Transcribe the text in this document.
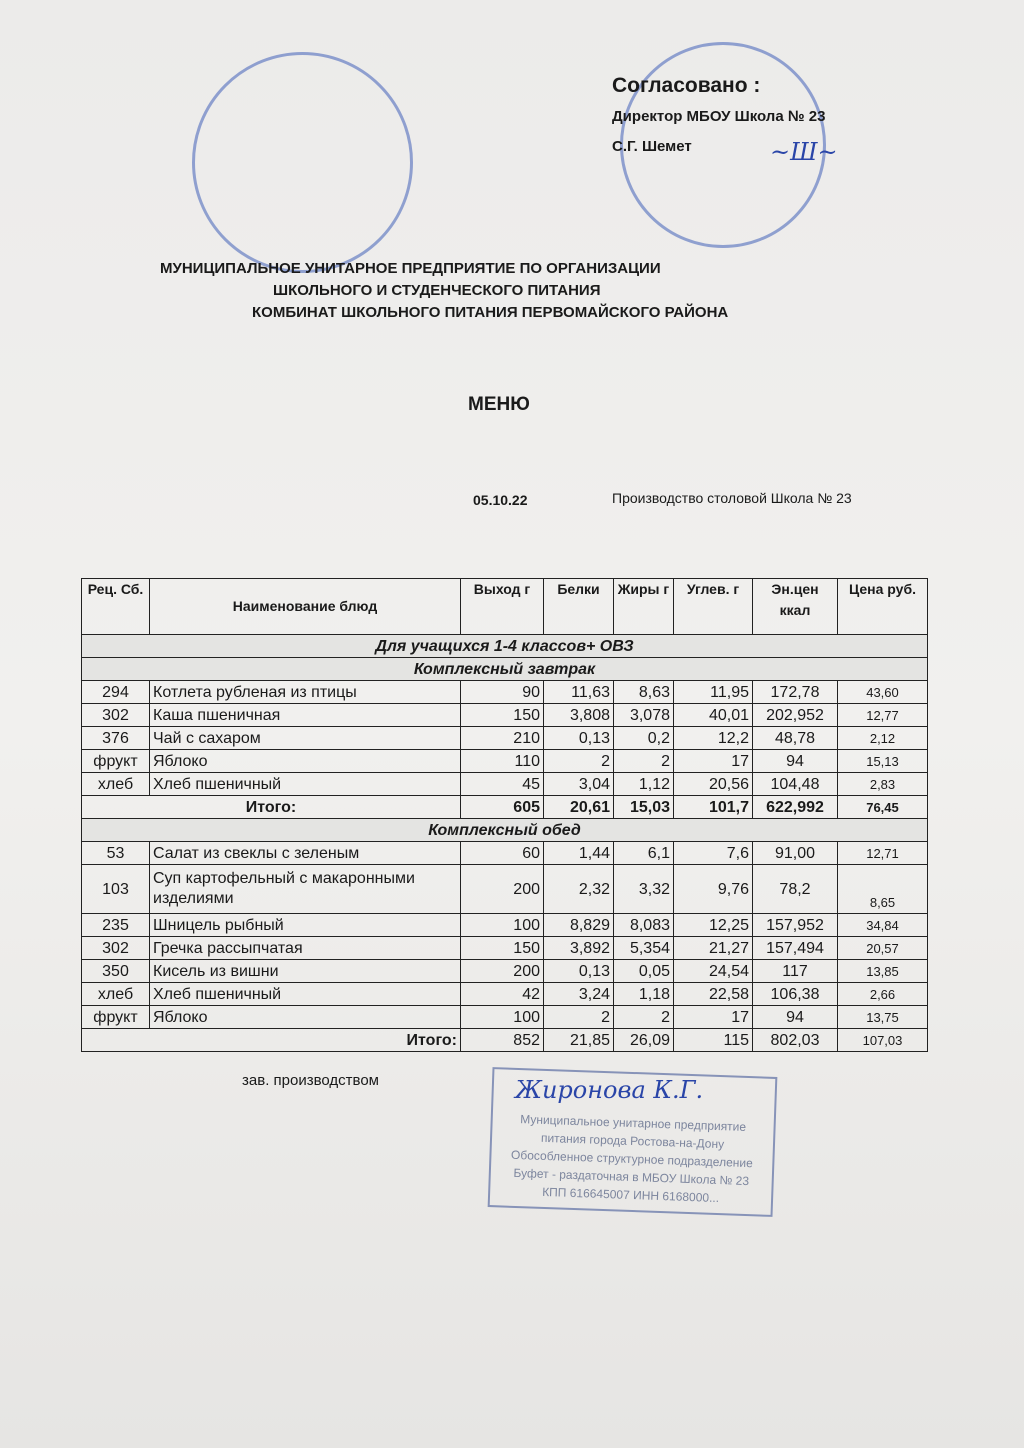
Согласовано :
Директор МБОУ Школа № 23
С.Г. Шемет	~Ш~
МУНИЦИПАЛЬНОЕ УНИТАРНОЕ ПРЕДПРИЯТИЕ ПО ОРГАНИЗАЦИИ
ШКОЛЬНОГО И СТУДЕНЧЕСКОГО ПИТАНИЯ
КОМБИНАТ ШКОЛЬНОГО ПИТАНИЯ ПЕРВОМАЙСКОГО РАЙОНА
МЕНЮ
05.10.22	Производство столовой Школа № 23
Рец. Сб.	Наименование блюд	Выход г	Белки	Жиры г	Углев. г	Эн.цен ккал	Цена руб.
Для учащихся 1-4 классов+ ОВЗ							
Комплексный завтрак							
294	Котлета рубленая из птицы	90	11,63	8,63	11,95	172,78	43,60
302	Каша пшеничная	150	3,808	3,078	40,01	202,952	12,77
376	Чай с сахаром	210	0,13	0,2	12,2	48,78	2,12
фрукт	Яблоко	110	2	2	17	94	15,13
хлеб	Хлеб пшеничный	45	3,04	1,12	20,56	104,48	2,83
Итого:		605	20,61	15,03	101,7	622,992	76,45
Комплексный обед							
53	Салат из свеклы с зеленым	60	1,44	6,1	7,6	91,00	12,71
103	Суп картофельный с макаронными изделиями	200	2,32	3,32	9,76	78,2	8,65
235	Шницель рыбный	100	8,829	8,083	12,25	157,952	34,84
302	Гречка рассыпчатая	150	3,892	5,354	21,27	157,494	20,57
350	Кисель из вишни	200	0,13	0,05	24,54	117	13,85
хлеб	Хлеб пшеничный	42	3,24	1,18	22,58	106,38	2,66
фрукт	Яблоко	100	2	2	17	94	13,75
Итого:		852	21,85	26,09	115	802,03	107,03
зав. производством
Муниципальное унитарное предприятие
питания города Ростова-на-Дону
Обособленное структурное подразделение
Буфет - раздаточная в МБОУ Школа № 23
КПП 616645007 ИНН 6168000...
Жиронова К.Г.
